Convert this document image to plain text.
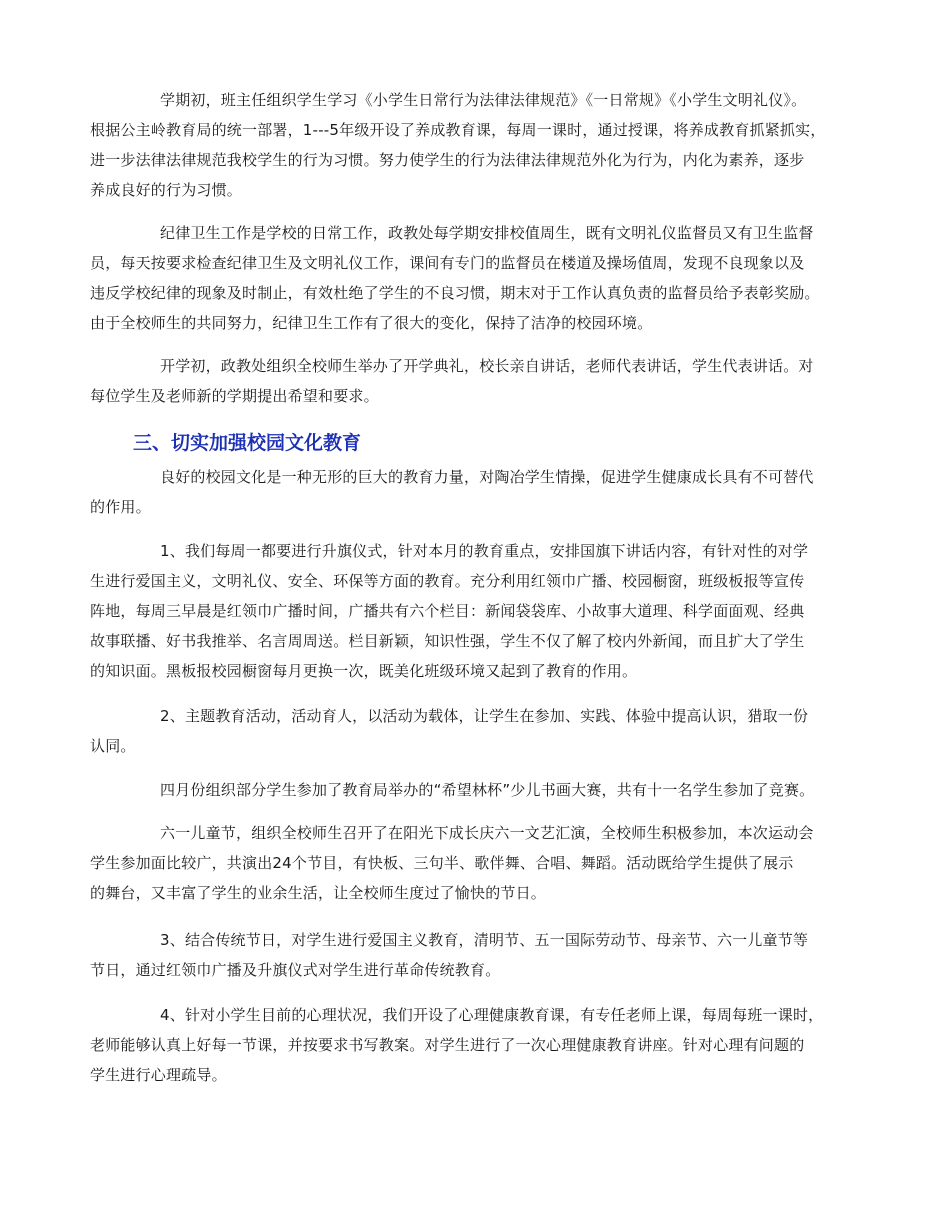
学期初，班主任组织学生学习《小学生日常行为法律法律规范》《一日常规》《小学生文明礼仪》。
根据公主岭教育局的统一部署，1---5年级开设了养成教育课，每周一课时，通过授课，将养成教育抓紧抓实，
进一步法律法律规范我校学生的行为习惯。努力使学生的行为法律法律规范外化为行为，内化为素养，逐步
养成良好的行为习惯。
纪律卫生工作是学校的日常工作，政教处每学期安排校值周生，既有文明礼仪监督员又有卫生监督
员，每天按要求检查纪律卫生及文明礼仪工作，课间有专门的监督员在楼道及操场值周，发现不良现象以及
违反学校纪律的现象及时制止，有效杜绝了学生的不良习惯，期末对于工作认真负责的监督员给予表彰奖励。
由于全校师生的共同努力，纪律卫生工作有了很大的变化，保持了洁净的校园环境。
开学初，政教处组织全校师生举办了开学典礼，校长亲自讲话，老师代表讲话，学生代表讲话。对
每位学生及老师新的学期提出希望和要求。
三、切实加强校园文化教育
良好的校园文化是一种无形的巨大的教育力量，对陶冶学生情操，促进学生健康成长具有不可替代
的作用。
1、我们每周一都要进行升旗仪式，针对本月的教育重点，安排国旗下讲话内容，有针对性的对学
生进行爱国主义，文明礼仪、安全、环保等方面的教育。充分利用红领巾广播、校园橱窗，班级板报等宣传
阵地，每周三早晨是红领巾广播时间，广播共有六个栏目：新闻袋袋库、小故事大道理、科学面面观、经典
故事联播、好书我推举、名言周周送。栏目新颖，知识性强，学生不仅了解了校内外新闻，而且扩大了学生
的知识面。黑板报校园橱窗每月更换一次，既美化班级环境又起到了教育的作用。
2、主题教育活动，活动育人，以活动为载体，让学生在参加、实践、体验中提高认识，猎取一份
认同。
四月份组织部分学生参加了教育局举办的“希望林杯”少儿书画大赛，共有十一名学生参加了竞赛。
六一儿童节，组织全校师生召开了在阳光下成长庆六一文艺汇演，全校师生积极参加，本次运动会
学生参加面比较广，共演出24个节目，有快板、三句半、歌伴舞、合唱、舞蹈。活动既给学生提供了展示
的舞台，又丰富了学生的业余生活，让全校师生度过了愉快的节日。
3、结合传统节日，对学生进行爱国主义教育，清明节、五一国际劳动节、母亲节、六一儿童节等
节日，通过红领巾广播及升旗仪式对学生进行革命传统教育。
4、针对小学生目前的心理状况，我们开设了心理健康教育课，有专任老师上课，每周每班一课时，
老师能够认真上好每一节课，并按要求书写教案。对学生进行了一次心理健康教育讲座。针对心理有问题的
学生进行心理疏导。
